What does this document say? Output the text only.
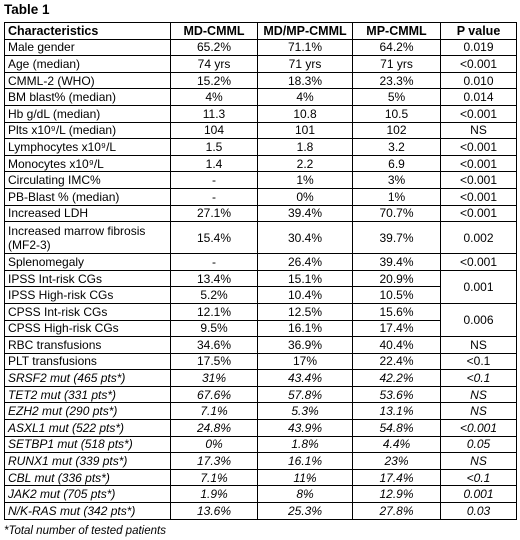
Table 1
Characteristics	MD-CMML	MD/MP-CMML	MP-CMML	P value
Male gender	65.2%	71.1%	64.2%	0.019
Age (median)	74 yrs	71 yrs	71 yrs	<0.001
CMML-2 (WHO)	15.2%	18.3%	23.3%	0.010
BM blast% (median)	4%	4%	5%	0.014
Hb g/dL (median)	11.3	10.8	10.5	<0.001
Plts x10⁹/L (median)	104	101	102	NS
Lymphocytes x10⁹/L	1.5	1.8	3.2	<0.001
Monocytes x10⁹/L	1.4	2.2	6.9	<0.001
Circulating IMC%	-	1%	3%	<0.001
PB-Blast % (median)	-	0%	1%	<0.001
Increased LDH	27.1%	39.4%	70.7%	<0.001
Increased marrow fibrosis (MF2-3)	15.4%	30.4%	39.7%	0.002
Splenomegaly	-	26.4%	39.4%	<0.001
IPSS Int-risk CGs	13.4%	15.1%	20.9%	0.001
IPSS High-risk CGs	5.2%	10.4%	10.5%	
CPSS Int-risk CGs	12.1%	12.5%	15.6%	0.006
CPSS High-risk CGs	9.5%	16.1%	17.4%	
RBC transfusions	34.6%	36.9%	40.4%	NS
PLT transfusions	17.5%	17%	22.4%	<0.1
SRSF2 mut (465 pts*)	31%	43.4%	42.2%	<0.1
TET2 mut (331 pts*)	67.6%	57.8%	53.6%	NS
EZH2 mut (290 pts*)	7.1%	5.3%	13.1%	NS
ASXL1 mut (522 pts*)	24.8%	43.9%	54.8%	<0.001
SETBP1 mut (518 pts*)	0%	1.8%	4.4%	0.05
RUNX1 mut (339 pts*)	17.3%	16.1%	23%	NS
CBL mut (336 pts*)	7.1%	11%	17.4%	<0.1
JAK2 mut (705 pts*)	1.9%	8%	12.9%	0.001
N/K-RAS mut (342 pts*)	13.6%	25.3%	27.8%	0.03
*Total number of tested patients
